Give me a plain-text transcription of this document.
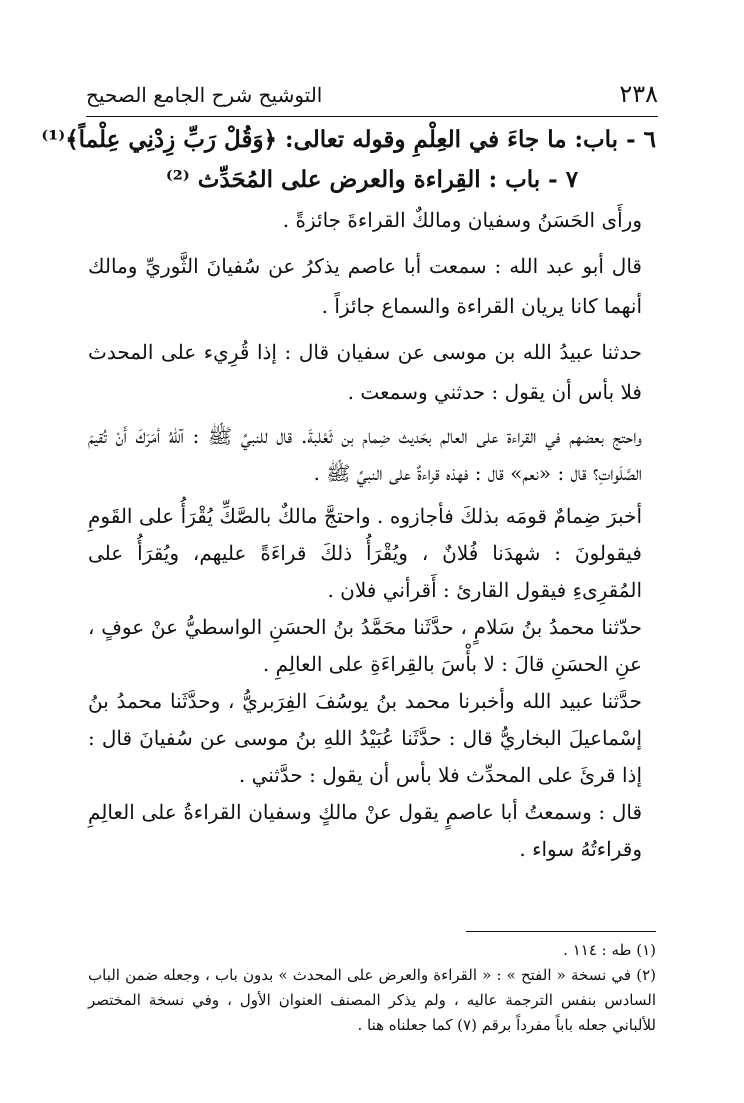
٢٣٨
التوشيح شرح الجامع الصحيح

٦ - باب: ما جاءَ في العِلْمِ وقوله تعالى: ﴿وَقُلْ رَبِّ زِدْنِي عِلْماً﴾⁽¹⁾

٧ - باب : القِراءة والعرض على المُحَدِّث ⁽²⁾

ورأَى الحَسَنُ وسفيان ومالكٌ القراءةَ جائزةً .

قال أبو عبد الله : سمعت أبا عاصم يذكرُ عن سُفيانَ الثَّوريِّ ومالك أنهما كانا يريان القراءة والسماع جائزاً .

حدثنا عبيدُ الله بن موسى عن سفيان قال : إذا قُرِيء على المحدث فلا بأس أن يقول : حدثني وسمعت .

واحتج بعضهم في القراءة على العالم بحَديث ضِمام بن ثَعْلبةَ. قال للنبيِّ ﷺ : آللهُ أمَرَكَ أَنْ تُقيمَ الصَّلَواتِ؟ قال : «نعم» قال : فهذه قراءةٌ على النبيِّ ﷺ .

أخبرَ ضِمامٌ قومَه بذلكَ فأجازوه . واحتجَّ مالكٌ بالصَّكِّ يُقْرَأُ على القَومِ فيقولونَ : شهدَنا فُلانٌ ، ويُقْرَأُ ذلكَ قراءَةً عليهم، ويُقرَأُ على المُقرِىءِ فيقول القارئ : أَقرأني فلان .

حدّثنا محمدُ بنُ سَلامٍ ، حدَّثَنا محَمَّدُ بنُ الحسَنِ الواسطيُّ عنْ عوفٍ ، عنِ الحسَنِ قالَ : لا بأْسَ بالقِراءَةِ على العالِمِ .

حدَّثنا عبيد الله وأخبرنا محمد بنُ يوسُفَ الفِرَبريُّ ، وحدَّثَنا محمدُ بنُ إسْماعيلَ البخاريُّ قال : حدَّثَنا عُبَيْدُ اللهِ بنُ موسى عن سُفيانَ قال : إذا قرئَ على المحدِّث فلا بأس أن يقول : حدَّثني .

قال : وسمعتُ أبا عاصمٍ يقول عنْ مالكٍ وسفيان القراءةُ على العالِمِ وقراءتُهُ سواء .

(١) طه : ١١٤ .

(٢) في نسخة « الفتح » : « القراءة والعرض على المحدث » بدون باب ، وجعله ضمن الباب السادس بنفس الترجمة عاليه ، ولم يذكر المصنف العنوان الأول ، وفي نسخة المختصر للألباني جعله باباً مفرداً برقم (٧) كما جعلناه هنا .
